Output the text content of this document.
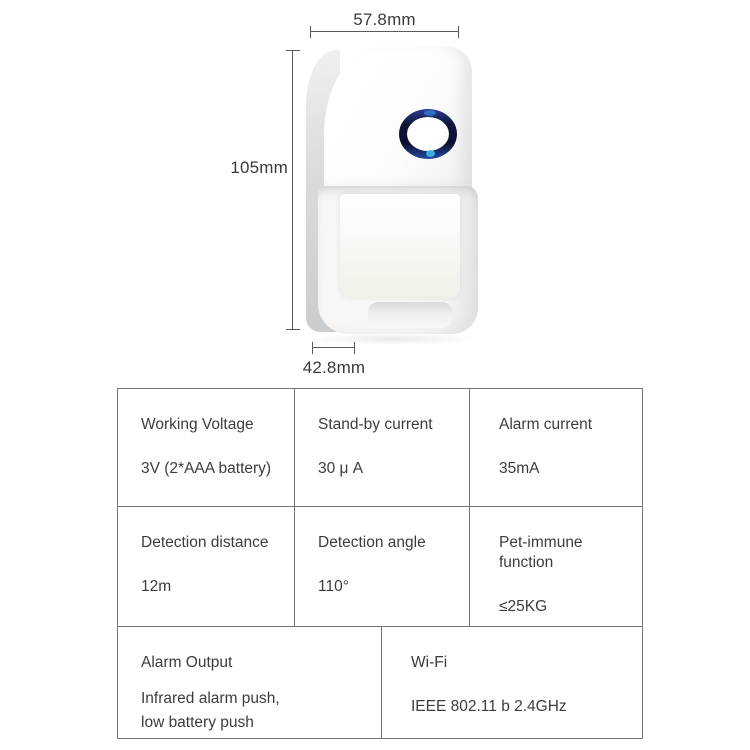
57.8mm
105mm
42.8mm
Working Voltage
3V (2*AAA battery)
Stand-by current
30 μ A
Alarm current
35mA
Detection distance
12m
Detection angle
110°
Pet-immune function
≤25KG
Alarm Output
Infrared alarm push,
low battery push
Wi-Fi
IEEE 802.11 b 2.4GHz
